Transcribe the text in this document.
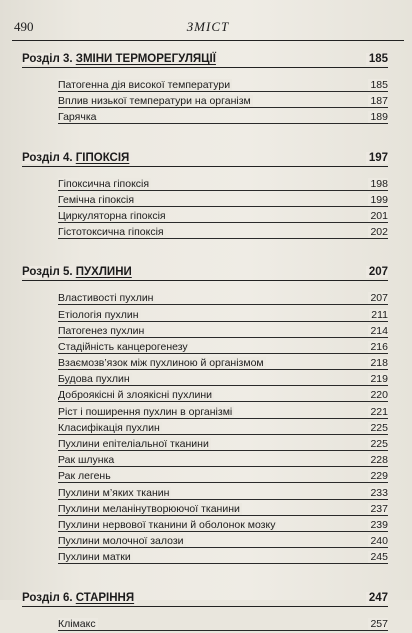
490	ЗМІСТ
Розділ 3. ЗМІНИ ТЕРМОРЕГУЛЯЦІЇ	185
Патогенна дія високої температури	185
Вплив низької температури на організм	187
Гарячка	189
Розділ 4. ГІПОКСІЯ	197
Гіпоксична гіпоксія	198
Гемічна гіпоксія	199
Циркуляторна гіпоксія	201
Гістотоксична гіпоксія	202
Розділ 5. ПУХЛИНИ	207
Властивості пухлин	207
Етіологія пухлин	211
Патогенез пухлин	214
Стадійність канцерогенезу	216
Взаємозв’язок між пухлиною й організмом	218
Будова пухлин	219
Доброякісні й злоякісні пухлини	220
Ріст і поширення пухлин в організмі	221
Класифікація пухлин	225
Пухлини епітеліальної тканини	225
Рак шлунка	228
Рак легень	229
Пухлини м’яких тканин	233
Пухлини меланінутворюючої тканини	237
Пухлини нервової тканини й оболонок мозку	239
Пухлини молочної залози	240
Пухлини матки	245
Розділ 6. СТАРІННЯ	247
Клімакс	257
